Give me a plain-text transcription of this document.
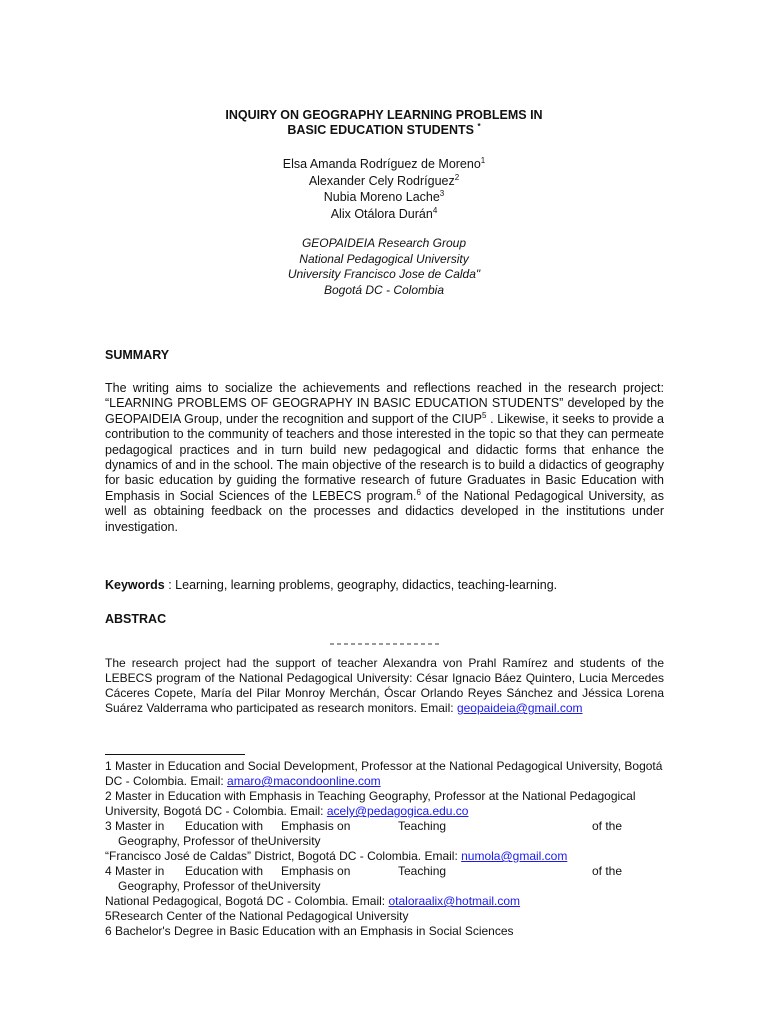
INQUIRY ON GEOGRAPHY LEARNING PROBLEMS IN
BASIC EDUCATION STUDENTS *
Elsa Amanda Rodríguez de Moreno$^1$
Alexander Cely Rodríguez$^2$
Nubia Moreno Lache$^3$
Alix Otálora Durán$^4$
GEOPAIDEIA Research Group
National Pedagogical University
University Francisco Jose de Calda"
Bogotá DC - Colombia
SUMMARY
The writing aims to socialize the achievements and reflections reached in the research project: “LEARNING PROBLEMS OF GEOGRAPHY IN BASIC EDUCATION STUDENTS” developed by the GEOPAIDEIA Group, under the recognition and support of the CIUP$^5$ . Likewise, it seeks to provide a contribution to the community of teachers and those interested in the topic so that they can permeate pedagogical practices and in turn build new pedagogical and didactic forms that enhance the dynamics of and in the school. The main objective of the research is to build a didactics of geography for basic education by guiding the formative research of future Graduates in Basic Education with Emphasis in Social Sciences of the LEBECS program.$^6$ of the National Pedagogical University, as well as obtaining feedback on the processes and didactics developed in the institutions under investigation.
Keywords : Learning, learning problems, geography, didactics, teaching-learning.
ABSTRAC
The research project had the support of teacher Alexandra von Prahl Ramírez and students of the LEBECS program of the National Pedagogical University: César Ignacio Báez Quintero, Lucia Mercedes Cáceres Copete, María del Pilar Monroy Merchán, Óscar Orlando Reyes Sánchez and Jéssica Lorena Suárez Valderrama who participated as research monitors. Email: geopaideia@gmail.com

1 Master in Education and Social Development, Professor at the National Pedagogical University, Bogotá DC - Colombia. Email: amaro@macondoonline.com

2 Master in Education with Emphasis in Teaching Geography, Professor at the National Pedagogical University, Bogotá DC - Colombia. Email: acely@pedagogica.edu.co

3 Master in	Education with	Emphasis on	Teaching	of the

Geography, Professor of theUniversity

“Francisco José de Caldas” District, Bogotá DC - Colombia. Email: numola@gmail.com

4 Master in	Education with	Emphasis on	Teaching	of the

Geography, Professor of theUniversity

National Pedagogical, Bogotá DC - Colombia. Email: otaloraalix@hotmail.com

5Research Center of the National Pedagogical University

6 Bachelor's Degree in Basic Education with an Emphasis in Social Sciences
